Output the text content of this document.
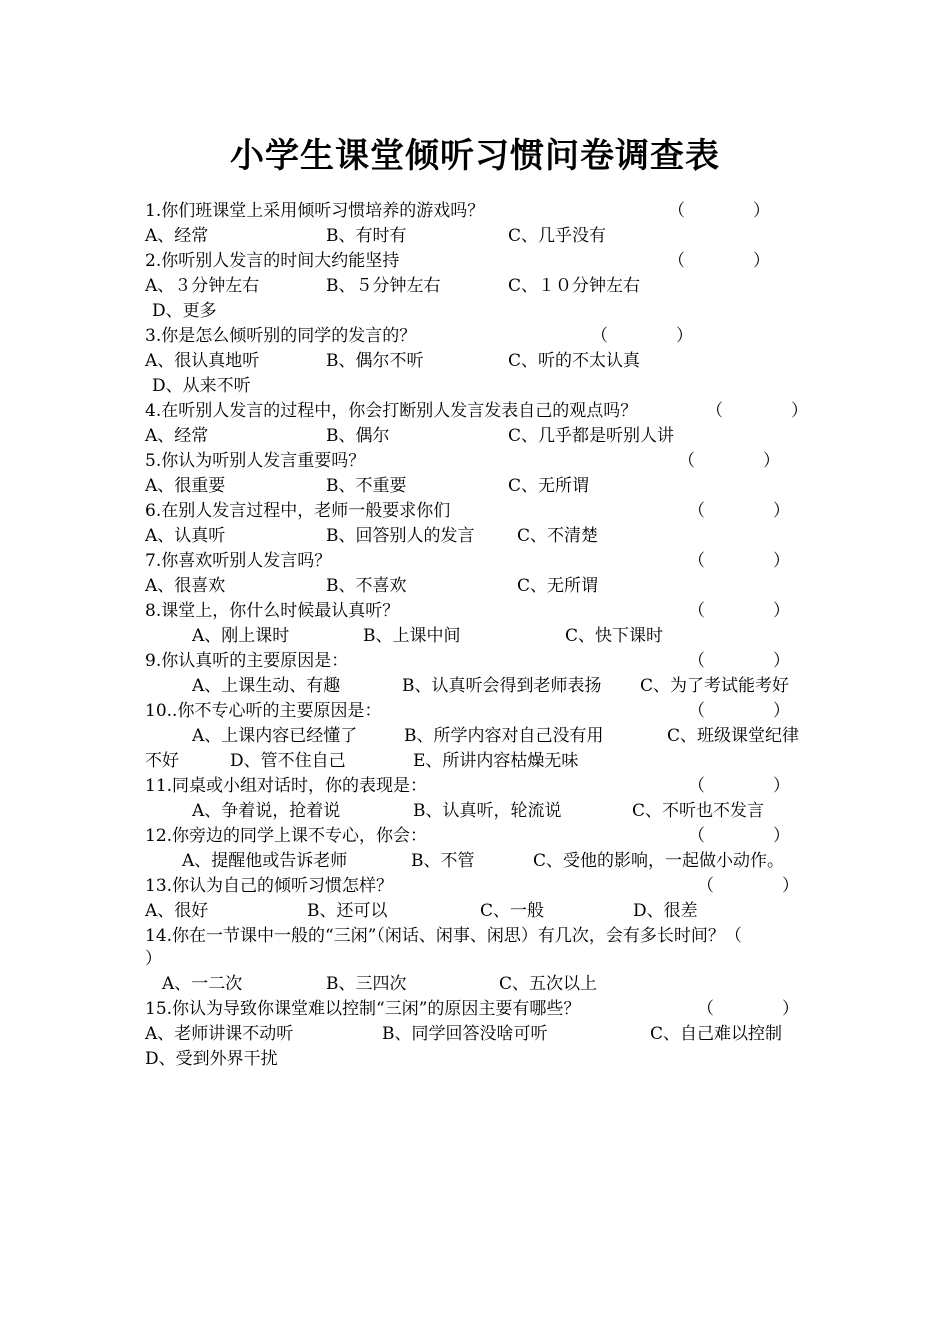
小学生课堂倾听习惯问卷调查表
1.你们班课堂上采用倾听习惯培养的游戏吗？	（　　　　）
A、经常	B、有时有	C、几乎没有
2.你听别人发言的时间大约能坚持	（　　　　）
A、３分钟左右	B、５分钟左右	C、１０分钟左右
D、更多
3.你是怎么倾听别的同学的发言的？	（　　　　）
A、很认真地听	B、偶尔不听	C、听的不太认真
D、从来不听
4.在听别人发言的过程中，你会打断别人发言发表自己的观点吗？	（　　　　）
A、经常	B、偶尔	C、几乎都是听别人讲
5.你认为听别人发言重要吗？	（　　　　）
A、很重要	B、不重要	C、无所谓
6.在别人发言过程中，老师一般要求你们	（　　　　）
A、认真听	B、回答别人的发言	C、不清楚
7.你喜欢听别人发言吗？	（　　　　）
A、很喜欢	B、不喜欢	C、无所谓
8.课堂上，你什么时候最认真听？	（　　　　）
A、刚上课时	B、上课中间	C、快下课时
9.你认真听的主要原因是：	（　　　　）
A、上课生动、有趣	B、认真听会得到老师表扬 C、为了考试能考好
10..你不专心听的主要原因是：	（　　　　）
A、上课内容已经懂了	B、所学内容对自己没有用	C、班级课堂纪律
不好	D、管不住自己	E、所讲内容枯燥无味
11.同桌或小组对话时，你的表现是：	（　　　　）
A、争着说，抢着说	B、认真听，轮流说	C、不听也不发言
12.你旁边的同学上课不专心，你会：	（　　　　）
A、提醒他或告诉老师	B、不管	C、受他的影响，一起做小动作。
13.你认为自己的倾听习惯怎样？	（　　　　）
A、很好	B、还可以	C、一般	D、很差
14.你在一节课中一般的“三闲”（闲话、闲事、闲思）有几次，会有多长时间？（
）
A、一二次	B、三四次	C、五次以上
15.你认为导致你课堂难以控制“三闲”的原因主要有哪些？	（　　　　）
A、老师讲课不动听	B、同学回答没啥可听	C、自己难以控制
D、受到外界干扰
